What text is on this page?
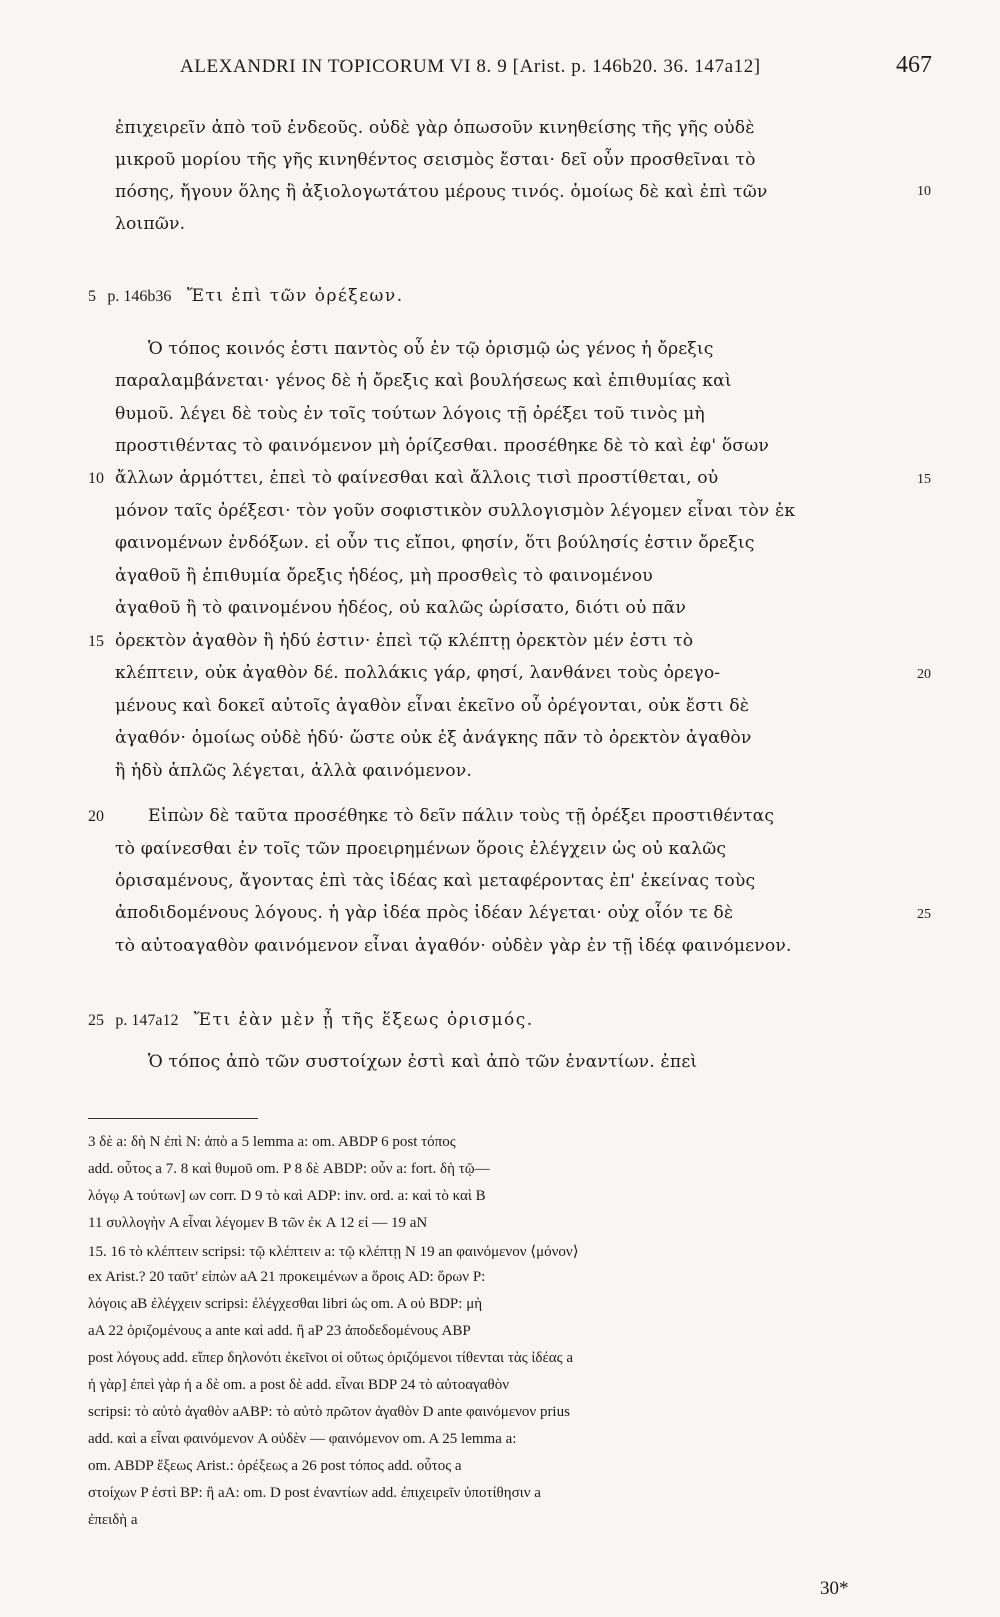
ALEXANDRI IN TOPICORUM VI 8. 9 [Arist. p. 146b20. 36. 147a12]	467
ἐπιχειρεῖν ἀπὸ τοῦ ἐνδεοῦς. οὐδὲ γὰρ ὁπωσοῦν κινηθείσης τῆς γῆς οὐδὲ
μικροῦ μορίου τῆς γῆς κινηθέντος σεισμὸς ἔσται· δεῖ οὖν προσθεῖναι τὸ
πόσης, ἤγουν ὅλης ἢ ἀξιολογωτάτου μέρους τινός. ὁμοίως δὲ καὶ ἐπὶ τῶν	10
λοιπῶν.
5 p. 146b36 Ἔτι ἐπὶ τῶν ὀρέξεων.
Ὁ τόπος κοινός ἐστι παντὸς οὗ ἐν τῷ ὁρισμῷ ὡς γένος ἡ ὄρεξις
παραλαμβάνεται· γένος δὲ ἡ ὄρεξις καὶ βουλήσεως καὶ ἐπιθυμίας καὶ
θυμοῦ. λέγει δὲ τοὺς ἐν τοῖς τούτων λόγοις τῇ ὀρέξει τοῦ τινὸς μὴ
προστιθέντας τὸ φαινόμενον μὴ ὁρίζεσθαι. προσέθηκε δὲ τὸ καὶ ἐφ' ὅσων
10 ἄλλων ἁρμόττει, ἐπεὶ τὸ φαίνεσθαι καὶ ἄλλοις τισὶ προστίθεται, οὐ	15
μόνον ταῖς ὀρέξεσι· τὸν γοῦν σοφιστικὸν συλλογισμὸν λέγομεν εἶναι τὸν ἐκ
φαινομένων ἐνδόξων. εἰ οὖν τις εἴποι, φησίν, ὅτι βούλησίς ἐστιν ὄρεξις
ἀγαθοῦ ἢ ἐπιθυμία ὄρεξις ἡδέος, μὴ προσθεὶς τὸ φαινομένου
ἀγαθοῦ ἢ τὸ φαινομένου ἡδέος, οὐ καλῶς ὡρίσατο, διότι οὐ πᾶν
15 ὀρεκτὸν ἀγαθὸν ἢ ἡδύ ἐστιν· ἐπεὶ τῷ κλέπτῃ ὀρεκτὸν μέν ἐστι τὸ
κλέπτειν, οὐκ ἀγαθὸν δέ. πολλάκις γάρ, φησί, λανθάνει τοὺς ὀρεγο-	20
μένους καὶ δοκεῖ αὐτοῖς ἀγαθὸν εἶναι ἐκεῖνο οὗ ὀρέγονται, οὐκ ἔστι δὲ
ἀγαθόν· ὁμοίως οὐδὲ ἡδύ· ὥστε οὐκ ἐξ ἀνάγκης πᾶν τὸ ὀρεκτὸν ἀγαθὸν
ἢ ἡδὺ ἁπλῶς λέγεται, ἀλλὰ φαινόμενον.
20	Εἰπὼν δὲ ταῦτα προσέθηκε τὸ δεῖν πάλιν τοὺς τῇ ὀρέξει προστιθέντας
τὸ φαίνεσθαι ἐν τοῖς τῶν προειρημένων ὅροις ἐλέγχειν ὡς οὐ καλῶς
ὁρισαμένους, ἄγοντας ἐπὶ τὰς ἰδέας καὶ μεταφέροντας ἐπ' ἐκείνας τοὺς
ἀποδιδομένους λόγους. ἡ γὰρ ἰδέα πρὸς ἰδέαν λέγεται· οὐχ οἷόν τε δὲ	25
τὸ αὐτοαγαθὸν φαινόμενον εἶναι ἀγαθόν· οὐδὲν γὰρ ἐν τῇ ἰδέᾳ φαινόμενον.
25 p. 147a12 Ἔτι ἐὰν μὲν ᾖ τῆς ἕξεως ὁρισμός.
Ὁ τόπος ἀπὸ τῶν συστοίχων ἐστὶ καὶ ἀπὸ τῶν ἐναντίων. ἐπεὶ
3 δὲ a: δὴ N ἐπὶ N: ἀπὸ a 5 lemma a: om. ABDP 6 post τόπος
add. οὗτος a 7. 8 καὶ θυμοῦ om. P 8 δὲ ABDP: οὖν a: fort. δὴ τῷ—
λόγῳ A τούτων] ων corr. D 9 τὸ καὶ ADP: inv. ord. a: καὶ τὸ καὶ B
11 συλλογὴν A εἶναι λέγομεν B τῶν ἐκ A 12 εἰ — 19 aN
15. 16 τὸ κλέπτειν scripsi: τῷ κλέπτειν a: τῷ κλέπτῃ N 19 an φαινόμενον ⟨μόνον⟩
ex Arist.? 20 ταῦτ' εἰπὼν aA 21 προκειμένων a ὅροις AD: ὅρων P:
λόγοις aB ἐλέγχειν scripsi: ἐλέγχεσθαι libri ὡς om. A οὐ BDP: μὴ
aA 22 ὁριζομένους a ante καὶ add. ἢ aP 23 ἀποδεδομένους ABP
post λόγους add. εἴπερ δηλονότι ἐκεῖνοι οἱ οὕτως ὁριζόμενοι τίθενται τὰς ἰδέας a
ἡ γὰρ] ἐπεὶ γὰρ ἡ a δὲ om. a post δὲ add. εἶναι BDP 24 τὸ αὐτοαγαθὸν
scripsi: τὸ αὐτὸ ἀγαθὸν aABP: τὸ αὐτὸ πρῶτον ἀγαθὸν D ante φαινόμενον prius
add. καὶ a εἶναι φαινόμενον A οὐδὲν — φαινόμενον om. A 25 lemma a:
om. ABDP ἕξεως Arist.: ὀρέξεως a 26 post τόπος add. οὗτος a
στοίχων P ἐστὶ BP: ἢ aA: om. D post ἐναντίων add. ἐπιχειρεῖν ὑποτίθησιν a
ἐπειδὴ a
30*
